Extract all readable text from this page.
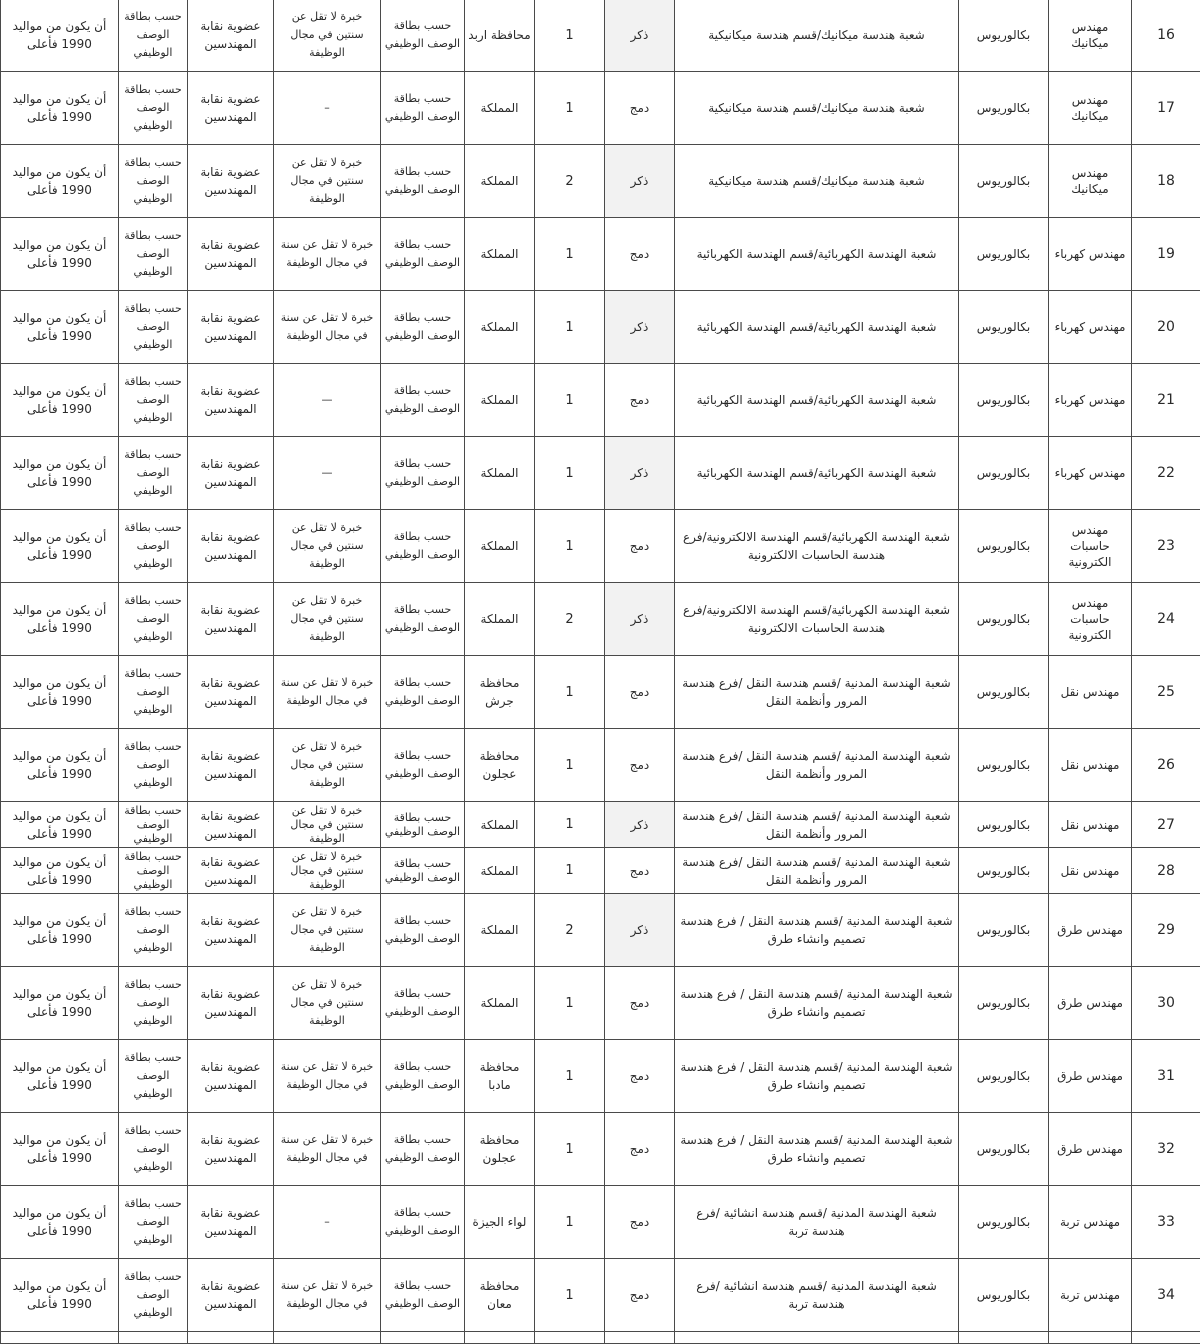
أن يكون من مواليد 1990 فأعلى	حسب بطاقة الوصف الوظيفي	عضوية نقابة المهندسين	خبرة لا تقل عن سنتين في مجال الوظيفة	حسب بطاقة الوصف الوظيفي	محافظة اربد	1	ذكر	شعبة هندسة ميكانيك/قسم هندسة ميكانيكية	بكالوريوس	مهندس ميكانيك	16
أن يكون من مواليد 1990 فأعلى	حسب بطاقة الوصف الوظيفي	عضوية نقابة المهندسين	–	حسب بطاقة الوصف الوظيفي	المملكة	1	دمج	شعبة هندسة ميكانيك/قسم هندسة ميكانيكية	بكالوريوس	مهندس ميكانيك	17
أن يكون من مواليد 1990 فأعلى	حسب بطاقة الوصف الوظيفي	عضوية نقابة المهندسين	خبرة لا تقل عن سنتين في مجال الوظيفة	حسب بطاقة الوصف الوظيفي	المملكة	2	ذكر	شعبة هندسة ميكانيك/قسم هندسة ميكانيكية	بكالوريوس	مهندس ميكانيك	18
أن يكون من مواليد 1990 فأعلى	حسب بطاقة الوصف الوظيفي	عضوية نقابة المهندسين	خبرة لا تقل عن سنة في مجال الوظيفة	حسب بطاقة الوصف الوظيفي	المملكة	1	دمج	شعبة الهندسة الكهربائية/قسم الهندسة الكهربائية	بكالوريوس	مهندس كهرباء	19
أن يكون من مواليد 1990 فأعلى	حسب بطاقة الوصف الوظيفي	عضوية نقابة المهندسين	خبرة لا تقل عن سنة في مجال الوظيفة	حسب بطاقة الوصف الوظيفي	المملكة	1	ذكر	شعبة الهندسة الكهربائية/قسم الهندسة الكهربائية	بكالوريوس	مهندس كهرباء	20
أن يكون من مواليد 1990 فأعلى	حسب بطاقة الوصف الوظيفي	عضوية نقابة المهندسين	—	حسب بطاقة الوصف الوظيفي	المملكة	1	دمج	شعبة الهندسة الكهربائية/قسم الهندسة الكهربائية	بكالوريوس	مهندس كهرباء	21
أن يكون من مواليد 1990 فأعلى	حسب بطاقة الوصف الوظيفي	عضوية نقابة المهندسين	—	حسب بطاقة الوصف الوظيفي	المملكة	1	ذكر	شعبة الهندسة الكهربائية/قسم الهندسة الكهربائية	بكالوريوس	مهندس كهرباء	22
أن يكون من مواليد 1990 فأعلى	حسب بطاقة الوصف الوظيفي	عضوية نقابة المهندسين	خبرة لا تقل عن سنتين في مجال الوظيفة	حسب بطاقة الوصف الوظيفي	المملكة	1	دمج	شعبة الهندسة الكهربائية/قسم الهندسة الالكترونية/فرع هندسة الحاسبات الالكترونية	بكالوريوس	مهندس حاسبات الكترونية	23
أن يكون من مواليد 1990 فأعلى	حسب بطاقة الوصف الوظيفي	عضوية نقابة المهندسين	خبرة لا تقل عن سنتين في مجال الوظيفة	حسب بطاقة الوصف الوظيفي	المملكة	2	ذكر	شعبة الهندسة الكهربائية/قسم الهندسة الالكترونية/فرع هندسة الحاسبات الالكترونية	بكالوريوس	مهندس حاسبات الكترونية	24
أن يكون من مواليد 1990 فأعلى	حسب بطاقة الوصف الوظيفي	عضوية نقابة المهندسين	خبرة لا تقل عن سنة في مجال الوظيفة	حسب بطاقة الوصف الوظيفي	محافظة جرش	1	دمج	شعبة الهندسة المدنية /قسم هندسة النقل /فرع هندسة المرور وأنظمة النقل	بكالوريوس	مهندس نقل	25
أن يكون من مواليد 1990 فأعلى	حسب بطاقة الوصف الوظيفي	عضوية نقابة المهندسين	خبرة لا تقل عن سنتين في مجال الوظيفة	حسب بطاقة الوصف الوظيفي	محافظة عجلون	1	دمج	شعبة الهندسة المدنية /قسم هندسة النقل /فرع هندسة المرور وأنظمة النقل	بكالوريوس	مهندس نقل	26
أن يكون من مواليد 1990 فأعلى	حسب بطاقة الوصف الوظيفي	عضوية نقابة المهندسين	خبرة لا تقل عن سنتين في مجال الوظيفة	حسب بطاقة الوصف الوظيفي	المملكة	1	ذكر	شعبة الهندسة المدنية /قسم هندسة النقل /فرع هندسة المرور وأنظمة النقل	بكالوريوس	مهندس نقل	27
أن يكون من مواليد 1990 فأعلى	حسب بطاقة الوصف الوظيفي	عضوية نقابة المهندسين	خبرة لا تقل عن سنتين في مجال الوظيفة	حسب بطاقة الوصف الوظيفي	المملكة	1	دمج	شعبة الهندسة المدنية /قسم هندسة النقل /فرع هندسة المرور وأنظمة النقل	بكالوريوس	مهندس نقل	28
أن يكون من مواليد 1990 فأعلى	حسب بطاقة الوصف الوظيفي	عضوية نقابة المهندسين	خبرة لا تقل عن سنتين في مجال الوظيفة	حسب بطاقة الوصف الوظيفي	المملكة	2	ذكر	شعبة الهندسة المدنية /قسم هندسة النقل / فرع هندسة تصميم وانشاء طرق	بكالوريوس	مهندس طرق	29
أن يكون من مواليد 1990 فأعلى	حسب بطاقة الوصف الوظيفي	عضوية نقابة المهندسين	خبرة لا تقل عن سنتين في مجال الوظيفة	حسب بطاقة الوصف الوظيفي	المملكة	1	دمج	شعبة الهندسة المدنية /قسم هندسة النقل / فرع هندسة تصميم وانشاء طرق	بكالوريوس	مهندس طرق	30
أن يكون من مواليد 1990 فأعلى	حسب بطاقة الوصف الوظيفي	عضوية نقابة المهندسين	خبرة لا تقل عن سنة في مجال الوظيفة	حسب بطاقة الوصف الوظيفي	محافظة مادبا	1	دمج	شعبة الهندسة المدنية /قسم هندسة النقل / فرع هندسة تصميم وانشاء طرق	بكالوريوس	مهندس طرق	31
أن يكون من مواليد 1990 فأعلى	حسب بطاقة الوصف الوظيفي	عضوية نقابة المهندسين	خبرة لا تقل عن سنة في مجال الوظيفة	حسب بطاقة الوصف الوظيفي	محافظة عجلون	1	دمج	شعبة الهندسة المدنية /قسم هندسة النقل / فرع هندسة تصميم وانشاء طرق	بكالوريوس	مهندس طرق	32
أن يكون من مواليد 1990 فأعلى	حسب بطاقة الوصف الوظيفي	عضوية نقابة المهندسين	–	حسب بطاقة الوصف الوظيفي	لواء الجيزة	1	دمج	شعبة الهندسة المدنية /قسم هندسة انشائية /فرع هندسة تربة	بكالوريوس	مهندس تربة	33
أن يكون من مواليد 1990 فأعلى	حسب بطاقة الوصف الوظيفي	عضوية نقابة المهندسين	خبرة لا تقل عن سنة في مجال الوظيفة	حسب بطاقة الوصف الوظيفي	محافظة معان	1	دمج	شعبة الهندسة المدنية /قسم هندسة انشائية /فرع هندسة تربة	بكالوريوس	مهندس تربة	34
